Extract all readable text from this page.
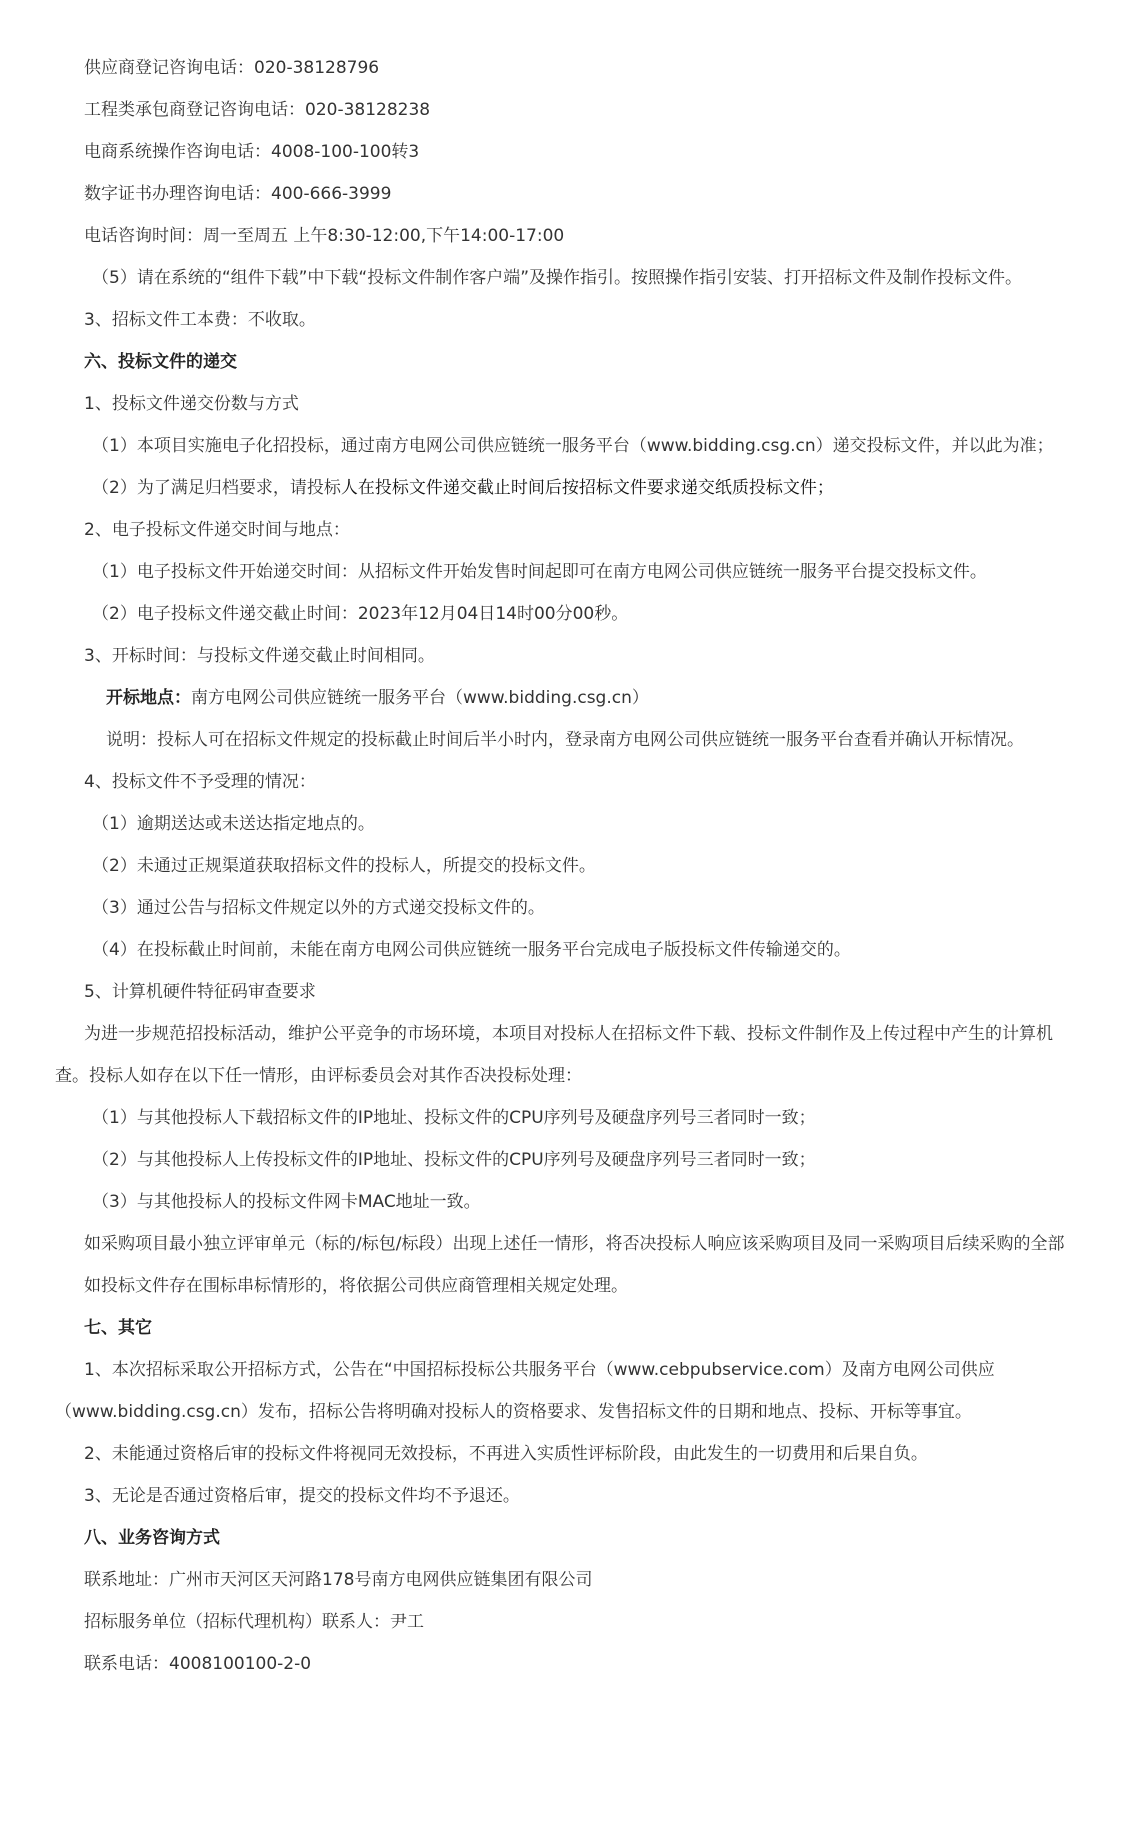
供应商登记咨询电话：020-38128796
工程类承包商登记咨询电话：020-38128238
电商系统操作咨询电话：4008-100-100转3
数字证书办理咨询电话：400-666-3999
电话咨询时间：周一至周五 上午8:30-12:00,下午14:00-17:00
（5）请在系统的“组件下载”中下载“投标文件制作客户端”及操作指引。按照操作指引安装、打开招标文件及制作投标文件。
3、招标文件工本费：不收取。
六、投标文件的递交
1、投标文件递交份数与方式
（1）本项目实施电子化招投标，通过南方电网公司供应链统一服务平台（www.bidding.csg.cn）递交投标文件，并以此为准；
（2）为了满足归档要求，请投标人在投标文件递交截止时间后按招标文件要求递交纸质投标文件；
2、电子投标文件递交时间与地点：
（1）电子投标文件开始递交时间：从招标文件开始发售时间起即可在南方电网公司供应链统一服务平台提交投标文件。
（2）电子投标文件递交截止时间：2023年12月04日14时00分00秒。
3、开标时间：与投标文件递交截止时间相同。
开标地点：南方电网公司供应链统一服务平台（www.bidding.csg.cn）
说明：投标人可在招标文件规定的投标截止时间后半小时内，登录南方电网公司供应链统一服务平台查看并确认开标情况。
4、投标文件不予受理的情况：
（1）逾期送达或未送达指定地点的。
（2）未通过正规渠道获取招标文件的投标人，所提交的投标文件。
（3）通过公告与招标文件规定以外的方式递交投标文件的。
（4）在投标截止时间前，未能在南方电网公司供应链统一服务平台完成电子版投标文件传输递交的。
5、计算机硬件特征码审查要求
为进一步规范招投标活动，维护公平竞争的市场环境，本项目对投标人在招标文件下载、投标文件制作及上传过程中产生的计算机
查。投标人如存在以下任一情形，由评标委员会对其作否决投标处理：
（1）与其他投标人下载招标文件的IP地址、投标文件的CPU序列号及硬盘序列号三者同时一致；
（2）与其他投标人上传投标文件的IP地址、投标文件的CPU序列号及硬盘序列号三者同时一致；
（3）与其他投标人的投标文件网卡MAC地址一致。
如采购项目最小独立评审单元（标的/标包/标段）出现上述任一情形，将否决投标人响应该采购项目及同一采购项目后续采购的全部
如投标文件存在围标串标情形的，将依据公司供应商管理相关规定处理。
七、其它
1、本次招标采取公开招标方式，公告在“中国招标投标公共服务平台（www.cebpubservice.com）及南方电网公司供应
（www.bidding.csg.cn）发布，招标公告将明确对投标人的资格要求、发售招标文件的日期和地点、投标、开标等事宜。
2、未能通过资格后审的投标文件将视同无效投标，不再进入实质性评标阶段，由此发生的一切费用和后果自负。
3、无论是否通过资格后审，提交的投标文件均不予退还。
八、业务咨询方式
联系地址：广州市天河区天河路178号南方电网供应链集团有限公司
招标服务单位（招标代理机构）联系人：尹工
联系电话：4008100100-2-0
